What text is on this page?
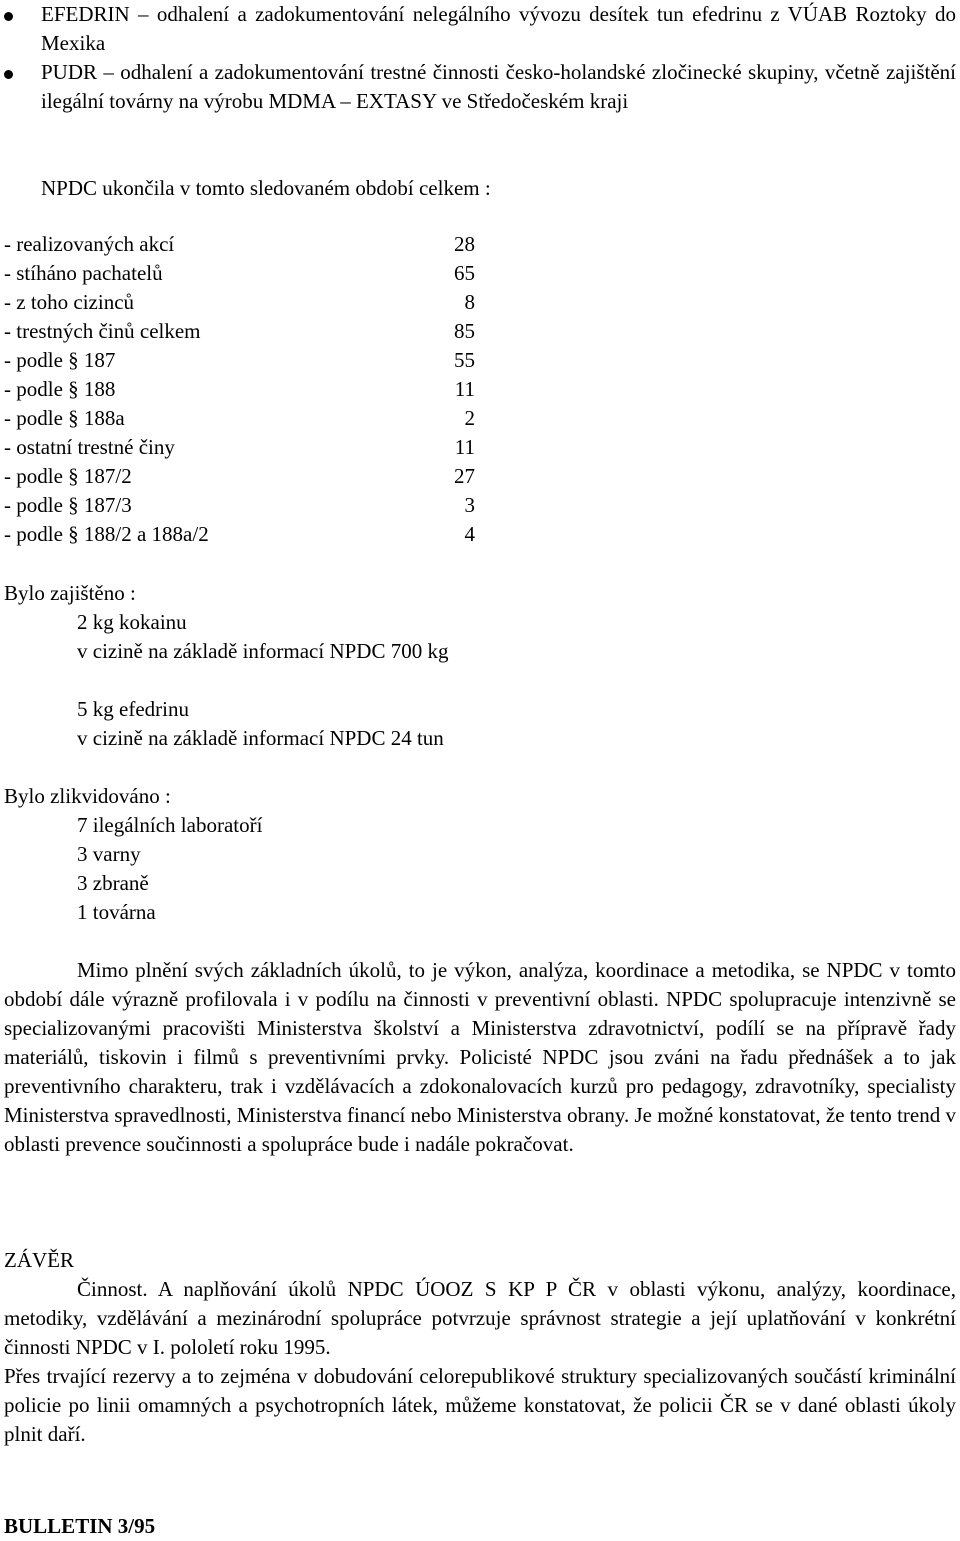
EFEDRIN – odhalení a zadokumentování nelegálního vývozu desítek tun efedrinu z VÚAB Roztoky do Mexika
PUDR – odhalení a zadokumentování trestné činnosti česko-holandské zločinecké skupiny, včetně zajištění ilegální továrny na výrobu MDMA – EXTASY ve Středočeském kraji
NPDC ukončila v tomto sledovaném období celkem :
- realizovaných akcí	28
- stíháno pachatelů	65
- z toho cizinců	8
- trestných činů celkem	85
- podle § 187	55
- podle § 188	11
- podle § 188a	2
- ostatní trestné činy	11
- podle § 187/2	27
- podle § 187/3	3
- podle § 188/2 a 188a/2	4
Bylo zajištěno :
2 kg kokainu
v cizině na základě informací NPDC 700 kg
5 kg efedrinu
v cizině na základě informací NPDC 24 tun
Bylo zlikvidováno :
7 ilegálních laboratoří
3 varny
3 zbraně
1 továrna

Mimo plnění svých základních úkolů, to je výkon, analýza, koordinace a metodika, se NPDC v tomto období dále výrazně profilovala i v podílu na činnosti v preventivní oblasti. NPDC spolupracuje intenzivně se specializovanými pracovišti Ministerstva školství a Ministerstva zdravotnictví, podílí se na přípravě řady materiálů, tiskovin i filmů s preventivními prvky. Policisté NPDC jsou zváni na řadu přednášek a to jak preventivního charakteru, trak i vzdělávacích a zdokonalovacích kurzů pro pedagogy, zdravotníky, specialisty Ministerstva spravedlnosti, Ministerstva financí nebo Ministerstva obrany. Je možné konstatovat, že tento trend v oblasti prevence součinnosti a spolupráce bude i nadále pokračovat.

ZÁVĚR

Činnost. A naplňování úkolů NPDC ÚOOZ S KP P ČR v oblasti výkonu, analýzy, koordinace, metodiky, vzdělávání a mezinárodní spolupráce potvrzuje správnost strategie a její uplatňování v konkrétní činnosti NPDC v I. pololetí roku 1995.

Přes trvající rezervy a to zejména v dobudování celorepublikové struktury specializovaných součástí kriminální policie po linii omamných a psychotropních látek, můžeme konstatovat, že policii ČR se v dané oblasti úkoly plnit daří.

BULLETIN 3/95
